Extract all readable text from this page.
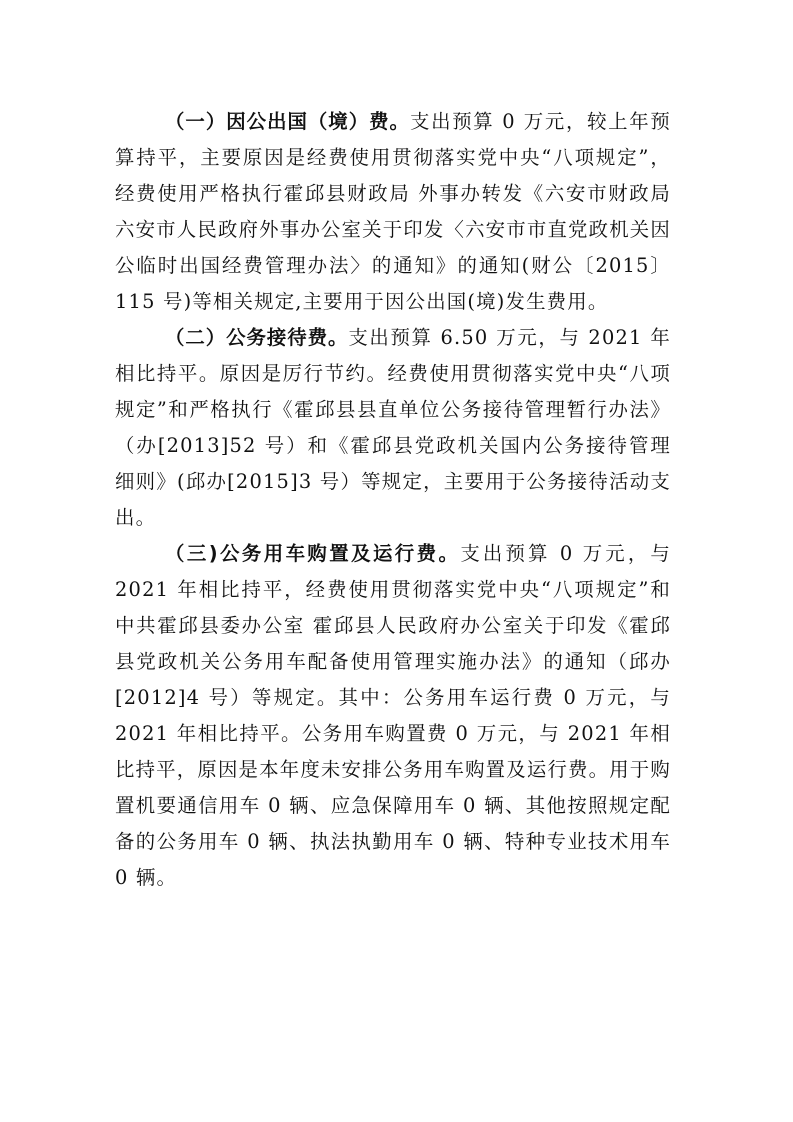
（一）因公出国（境）费。支出预算 0 万元，较上年预算持平，主要原因是经费使用贯彻落实党中央“八项规定”，经费使用严格执行霍邱县财政局 外事办转发《六安市财政局六安市人民政府外事办公室关于印发〈六安市市直党政机关因公临时出国经费管理办法〉的通知》的通知(财公〔2015〕115 号)等相关规定,主要用于因公出国(境)发生费用。

（二）公务接待费。支出预算 6.50 万元，与 2021 年相比持平。原因是厉行节约。经费使用贯彻落实党中央“八项规定”和严格执行《霍邱县县直单位公务接待管理暂行办法》（办[2013]52 号）和《霍邱县党政机关国内公务接待管理细则》(邱办[2015]3 号）等规定，主要用于公务接待活动支出。

（三)公务用车购置及运行费。支出预算 0 万元，与 2021 年相比持平，经费使用贯彻落实党中央“八项规定”和中共霍邱县委办公室 霍邱县人民政府办公室关于印发《霍邱县党政机关公务用车配备使用管理实施办法》的通知（邱办[2012]4 号）等规定。其中：公务用车运行费 0 万元，与 2021 年相比持平。公务用车购置费 0 万元，与 2021 年相比持平，原因是本年度未安排公务用车购置及运行费。用于购置机要通信用车 0 辆、应急保障用车 0 辆、其他按照规定配备的公务用车 0 辆、执法执勤用车 0 辆、特种专业技术用车 0 辆。
